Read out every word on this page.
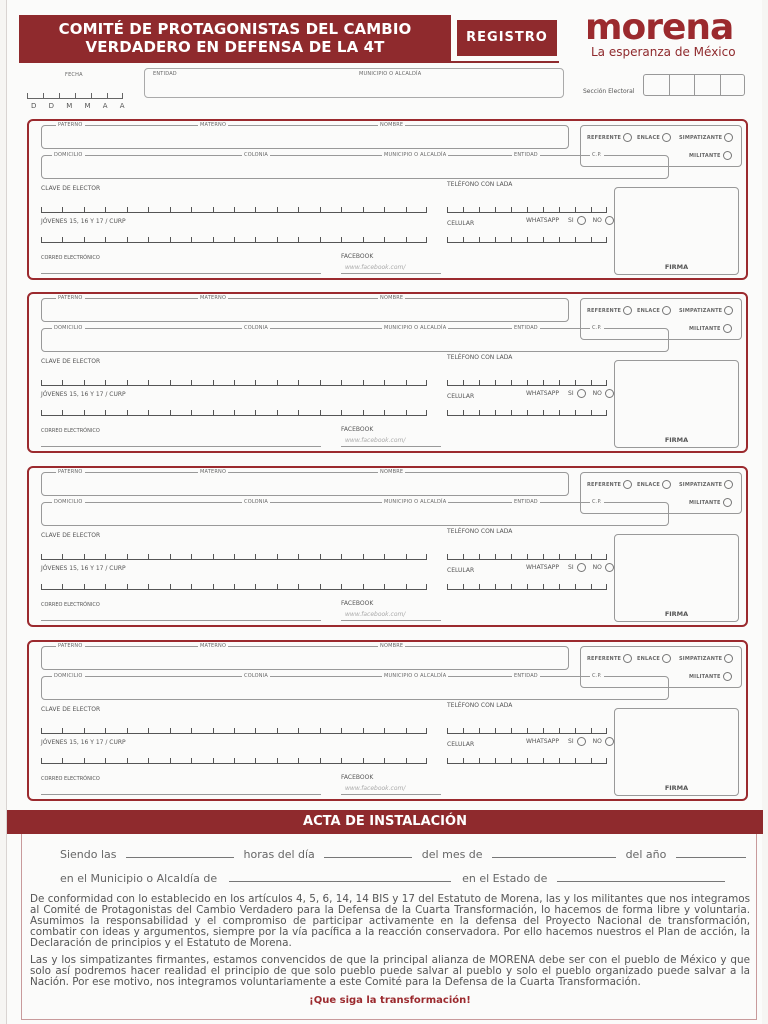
COMITÉ DE PROTAGONISTAS DEL CAMBIO
VERDADERO EN DEFENSA DE LA 4T
REGISTRO morena
La esperanza de México
FECHA
D D M M A A
ENTIDAD	MUNICIPIO O ALCALDÍA
Sección Electoral
PATERNO	MATERNO	NOMBRE
REFERENTE	ENLACE	SIMPATIZANTE
MILITANTE
DOMICILIO	COLONIA	MUNICIPIO O ALCALDÍA	ENTIDAD	C.P.
CLAVE DE ELECTOR
TELÉFONO CON LADA
JÓVENES 15, 16 Y 17 / CURP	CELULAR	WHATSAPP SI	NO
CORREO ELECTRÓNICO	FACEBOOK
www.facebook.com/	FIRMA
PATERNO	MATERNO	NOMBRE
REFERENTE	ENLACE	SIMPATIZANTE
MILITANTE
DOMICILIO	COLONIA	MUNICIPIO O ALCALDÍA	ENTIDAD	C.P.
CLAVE DE ELECTOR
TELÉFONO CON LADA
JÓVENES 15, 16 Y 17 / CURP	CELULAR	WHATSAPP SI	NO
CORREO ELECTRÓNICO	FACEBOOK
www.facebook.com/	FIRMA
PATERNO	MATERNO	NOMBRE
REFERENTE	ENLACE	SIMPATIZANTE
MILITANTE
DOMICILIO	COLONIA	MUNICIPIO O ALCALDÍA	ENTIDAD	C.P.
CLAVE DE ELECTOR
TELÉFONO CON LADA
JÓVENES 15, 16 Y 17 / CURP	CELULAR	WHATSAPP SI	NO
CORREO ELECTRÓNICO	FACEBOOK
www.facebook.com/	FIRMA
PATERNO	MATERNO	NOMBRE
REFERENTE	ENLACE	SIMPATIZANTE
MILITANTE
DOMICILIO	COLONIA	MUNICIPIO O ALCALDÍA	ENTIDAD	C.P.
CLAVE DE ELECTOR
TELÉFONO CON LADA
JÓVENES 15, 16 Y 17 / CURP	CELULAR	WHATSAPP SI	NO
CORREO ELECTRÓNICO	FACEBOOK
www.facebook.com/	FIRMA
ACTA DE INSTALACIÓN
Siendo las	horas del día	del mes de	del año
en el Municipio o Alcaldía de	en el Estado de
De conformidad con lo establecido en los artículos 4, 5, 6, 14, 14 BIS y 17 del Estatuto de Morena, las y los militantes que nos integramos al Comité de Protagonistas del Cambio Verdadero para la Defensa de la Cuarta Transformación, lo hacemos de forma libre y voluntaria. Asumimos la responsabilidad y el compromiso de participar activamente en la defensa del Proyecto Nacional de transformación, combatir con ideas y argumentos, siempre por la vía pacífica a la reacción conservadora. Por ello hacemos nuestros el Plan de acción, la Declaración de principios y el Estatuto de Morena.
Las y los simpatizantes firmantes, estamos convencidos de que la principal alianza de MORENA debe ser con el pueblo de México y que solo así podremos hacer realidad el principio de que solo pueblo puede salvar al pueblo y solo el pueblo organizado puede salvar a la Nación. Por ese motivo, nos integramos voluntariamente a este Comité para la Defensa de la Cuarta Transformación.
¡Que siga la transformación!
